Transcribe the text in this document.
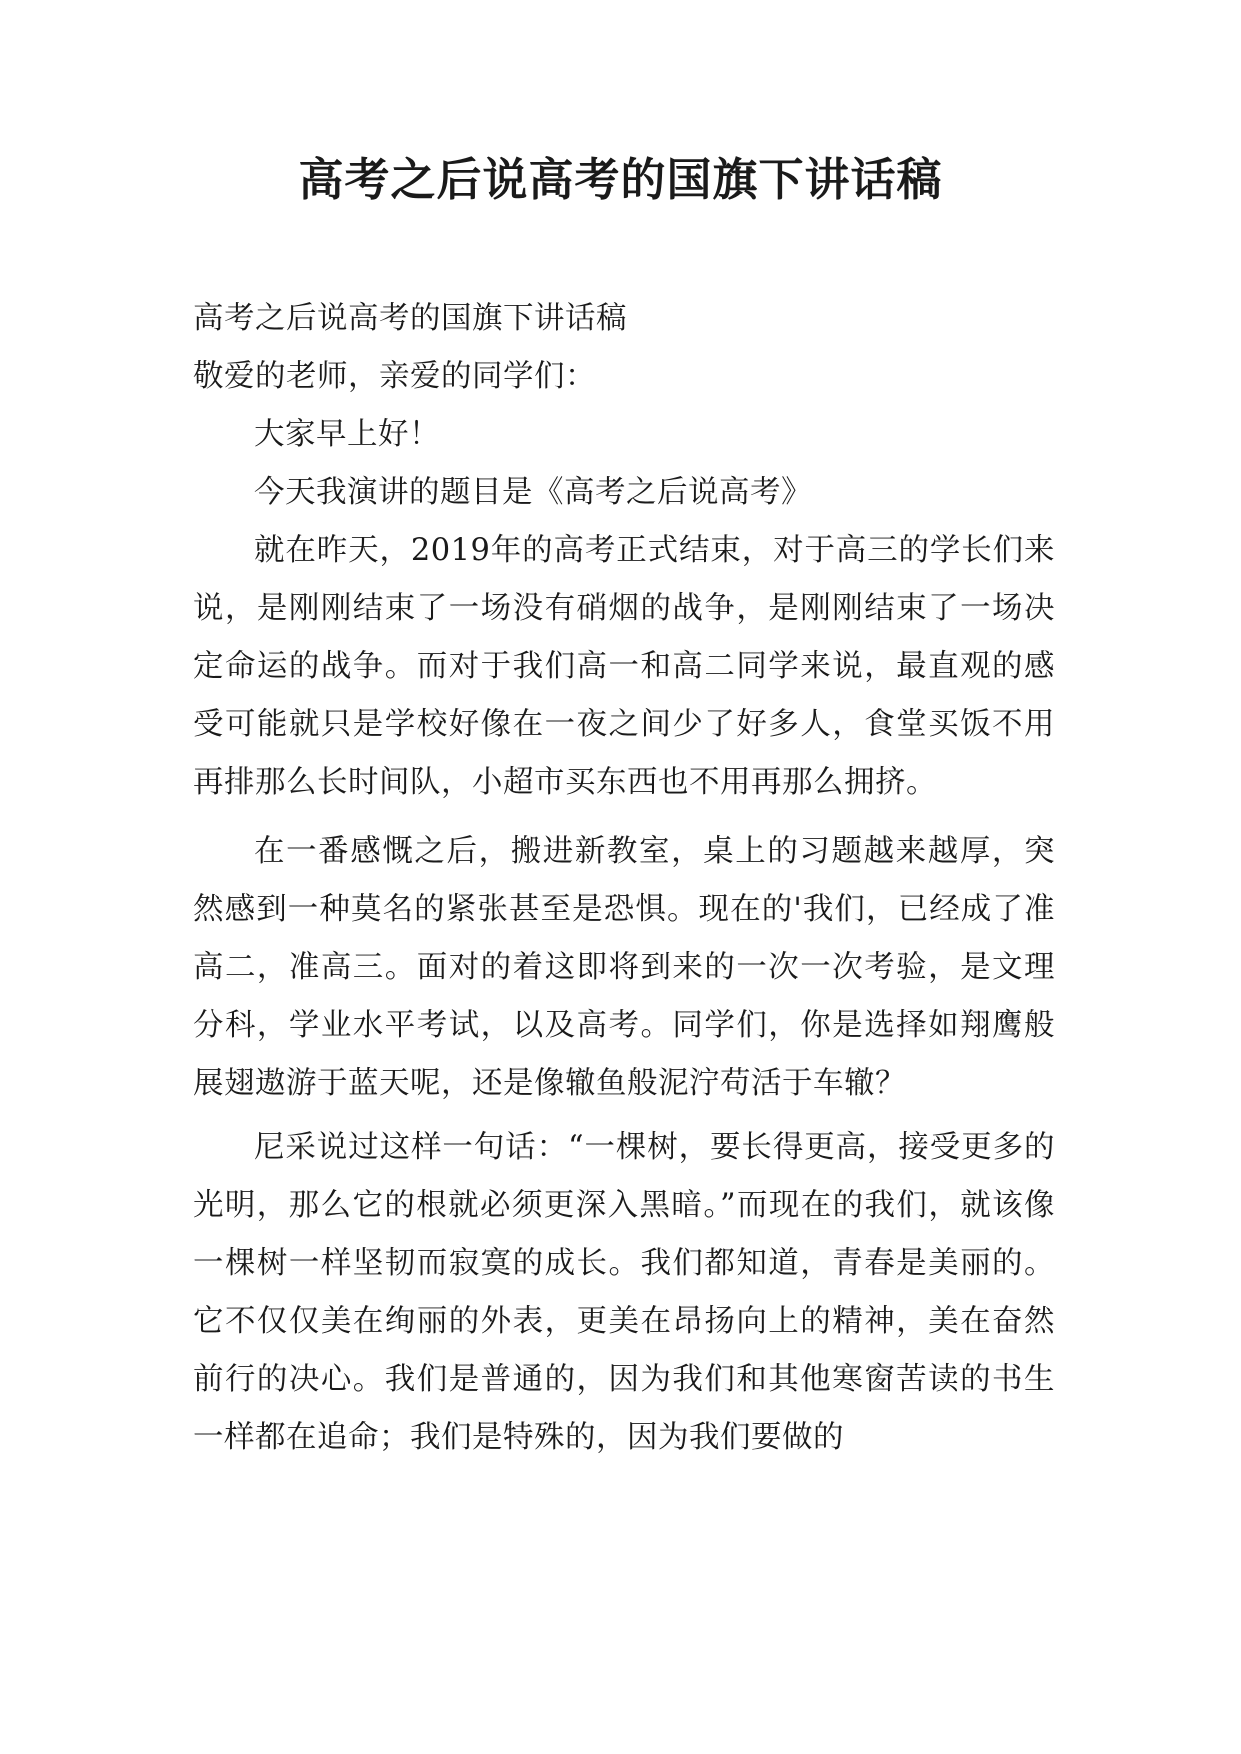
高考之后说高考的国旗下讲话稿

高考之后说高考的国旗下讲话稿

敬爱的老师，亲爱的同学们：

大家早上好！

今天我演讲的题目是《高考之后说高考》

就在昨天，2019年的高考正式结束，对于高三的学长们来说，是刚刚结束了一场没有硝烟的战争，是刚刚结束了一场决定命运的战争。而对于我们高一和高二同学来说，最直观的感受可能就只是学校好像在一夜之间少了好多人，食堂买饭不用再排那么长时间队，小超市买东西也不用再那么拥挤。

在一番感慨之后，搬进新教室，桌上的习题越来越厚，突然感到一种莫名的紧张甚至是恐惧。现在的'我们，已经成了准高二，准高三。面对的着这即将到来的一次一次考验，是文理分科，学业水平考试，以及高考。同学们，你是选择如翔鹰般展翅遨游于蓝天呢，还是像辙鱼般泥泞苟活于车辙？

尼采说过这样一句话：“一棵树，要长得更高，接受更多的光明，那么它的根就必须更深入黑暗。”而现在的我们，就该像一棵树一样坚韧而寂寞的成长。我们都知道，青春是美丽的。它不仅仅美在绚丽的外表，更美在昂扬向上的精神，美在奋然前行的决心。我们是普通的，因为我们和其他寒窗苦读的书生一样都在追命；我们是特殊的，因为我们要做的
